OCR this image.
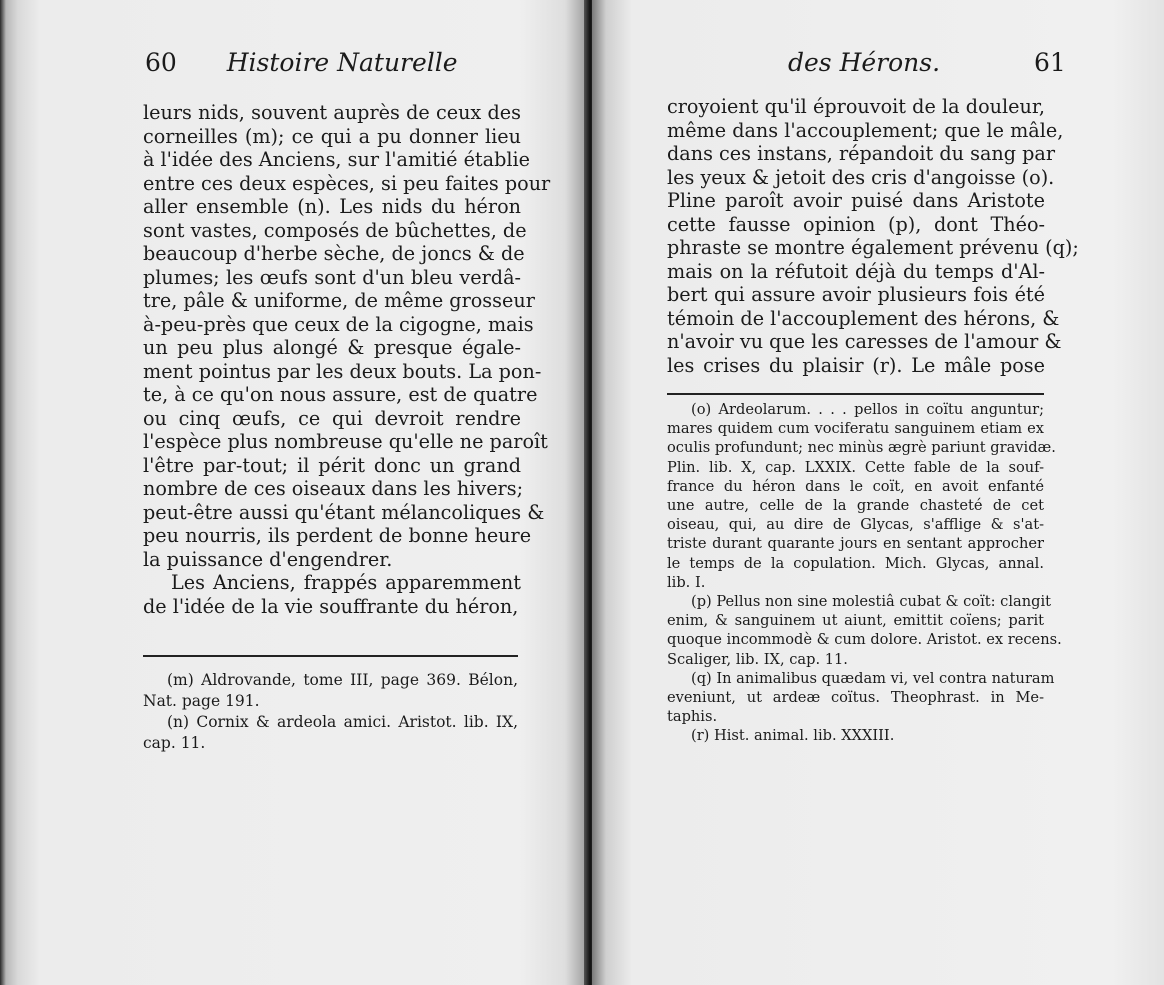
60 Histoire Naturelle
leurs nids, souvent auprès de ceux des
corneilles (m); ce qui a pu donner lieu
à l'idée des Anciens, sur l'amitié établie
entre ces deux espèces, si peu faites pour
aller ensemble (n). Les nids du héron
sont vastes, composés de bûchettes, de
beaucoup d'herbe sèche, de joncs & de
plumes; les œufs sont d'un bleu verdâ-
tre, pâle & uniforme, de même grosseur
à-peu-près que ceux de la cigogne, mais
un peu plus alongé & presque égale-
ment pointus par les deux bouts. La pon-
te, à ce qu'on nous assure, est de quatre
ou cinq œufs, ce qui devroit rendre
l'espèce plus nombreuse qu'elle ne paroît
l'être par-tout; il périt donc un grand
nombre de ces oiseaux dans les hivers;
peut-être aussi qu'étant mélancoliques &
peu nourris, ils perdent de bonne heure
la puissance d'engendrer.
Les Anciens, frappés apparemment
de l'idée de la vie souffrante du héron,
(m) Aldrovande, tome III, page 369. Bélon,
Nat. page 191.
(n) Cornix & ardeola amici. Aristot. lib. IX,
cap. 11.
des Hérons.	61
croyoient qu'il éprouvoit de la douleur,
même dans l'accouplement; que le mâle,
dans ces instans, répandoit du sang par
les yeux & jetoit des cris d'angoisse (o).
Pline paroît avoir puisé dans Aristote
cette fausse opinion (p), dont Théo-
phraste se montre également prévenu (q);
mais on la réfutoit déjà du temps d'Al-
bert qui assure avoir plusieurs fois été
témoin de l'accouplement des hérons, &
n'avoir vu que les caresses de l'amour &
les crises du plaisir (r). Le mâle pose
(o) Ardeolarum. . . . pellos in coïtu anguntur;
mares quidem cum vociferatu sanguinem etiam ex
oculis profundunt; nec minùs ægrè pariunt gravidæ.
Plin. lib. X, cap. LXXIX. Cette fable de la souf-
france du héron dans le coït, en avoit enfanté
une autre, celle de la grande chasteté de cet
oiseau, qui, au dire de Glycas, s'afflige & s'at-
triste durant quarante jours en sentant approcher
le temps de la copulation. Mich. Glycas, annal.
lib. I.
(p) Pellus non sine molestiâ cubat & coït: clangit
enim, & sanguinem ut aiunt, emittit coïens; parit
quoque incommodè & cum dolore. Aristot. ex recens.
Scaliger, lib. IX, cap. 11.
(q) In animalibus quædam vi, vel contra naturam
eveniunt, ut ardeæ coïtus. Theophrast. in Me-
taphis.
(r) Hist. animal. lib. XXXIII.
